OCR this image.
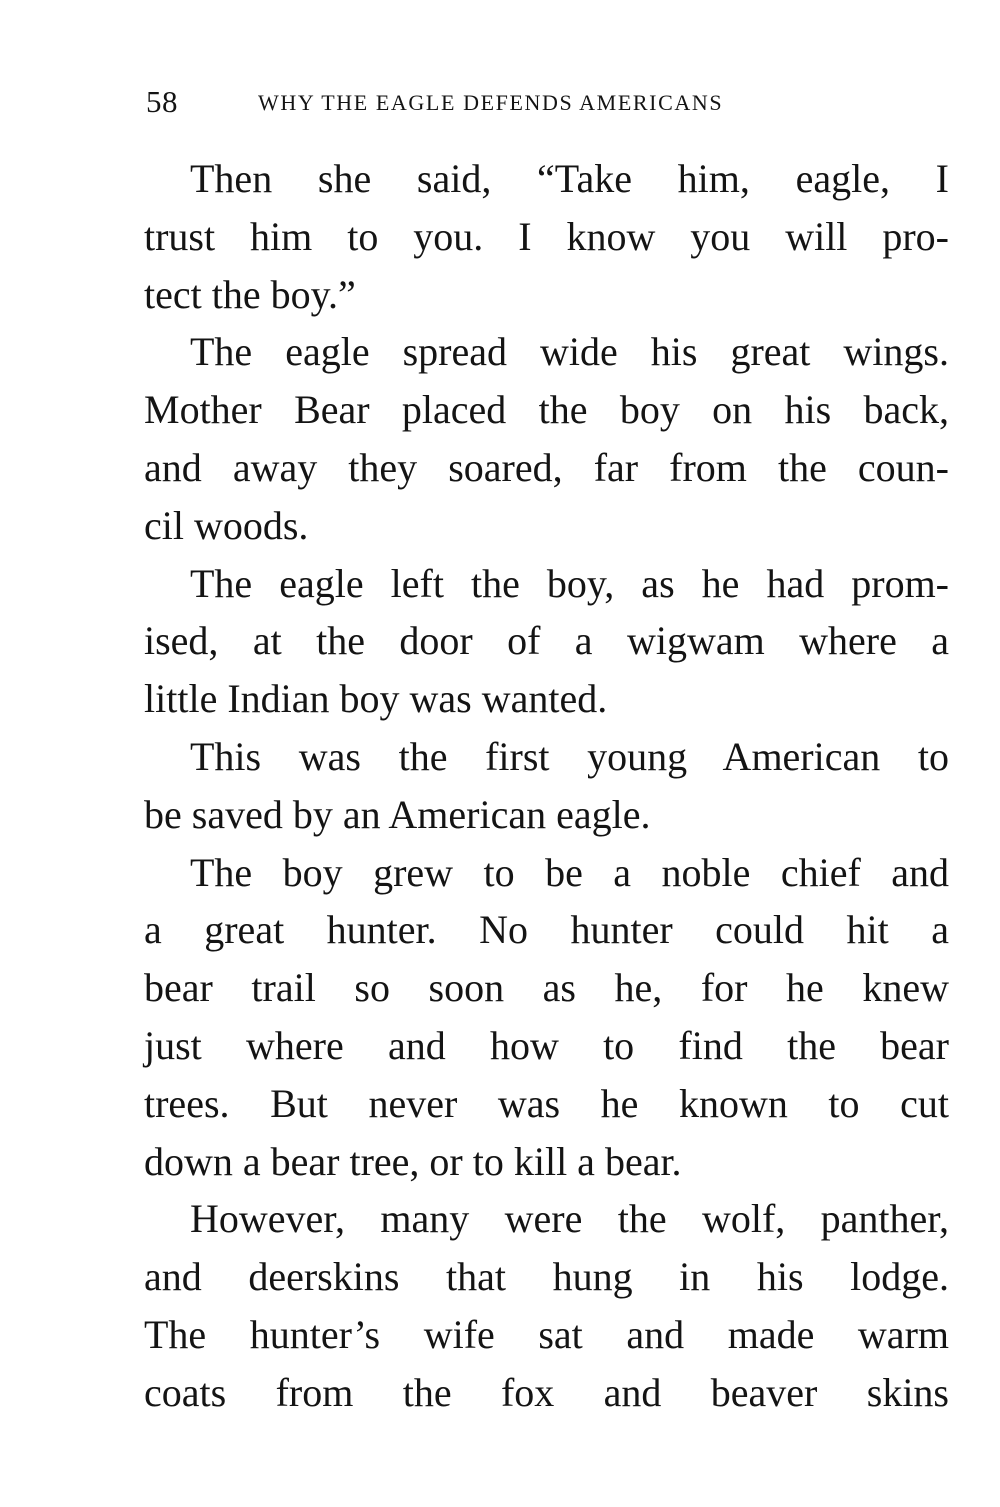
58	WHY THE EAGLE DEFENDS AMERICANS
Then she said, “Take him, eagle, I
trust him to you. I know you will pro-
tect the boy.”
The eagle spread wide his great wings.
Mother Bear placed the boy on his back,
and away they soared, far from the coun-
cil woods.
The eagle left the boy, as he had prom-
ised, at the door of a wigwam where a
little Indian boy was wanted.
This was the first young American to
be saved by an American eagle.
The boy grew to be a noble chief and
a great hunter. No hunter could hit a
bear trail so soon as he, for he knew
just where and how to find the bear
trees. But never was he known to cut
down a bear tree, or to kill a bear.
However, many were the wolf, panther,
and deerskins that hung in his lodge.
The hunter’s wife sat and made warm
coats from the fox and beaver skins
